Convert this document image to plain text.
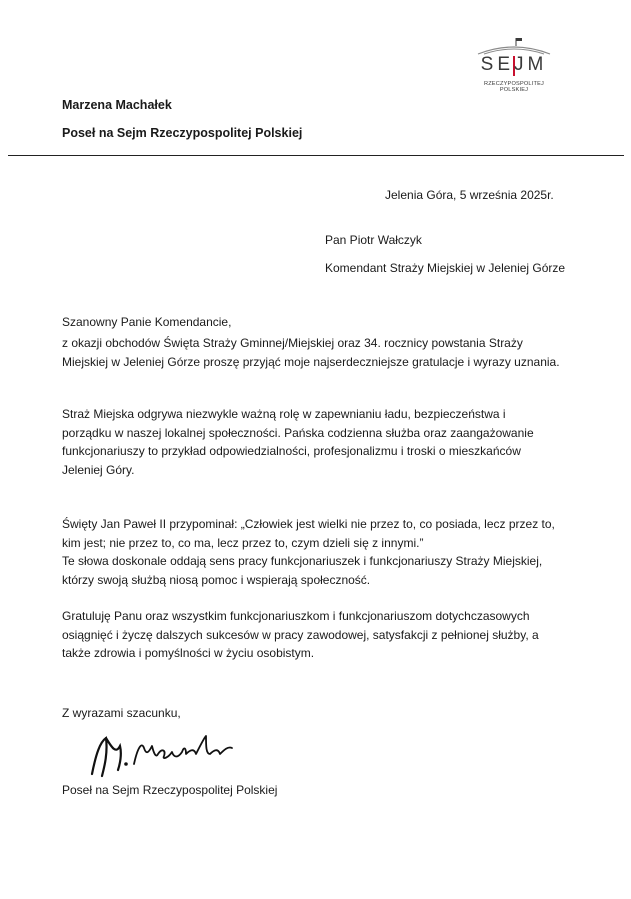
SEJM
RZECZYPOSPOLITEJ POLSKIEJ
Marzena Machałek
Poseł na Sejm Rzeczypospolitej Polskiej
Jelenia Góra, 5 września 2025r.
Pan Piotr Wałczyk
Komendant Straży Miejskiej w Jeleniej Górze

Szanowny Panie Komendancie,

z okazji obchodów Święta Straży Gminnej/Miejskiej oraz 34. rocznicy powstania Straży
Miejskiej w Jeleniej Górze proszę przyjąć moje najserdeczniejsze gratulacje i wyrazy uznania.

Straż Miejska odgrywa niezwykle ważną rolę w zapewnianiu ładu, bezpieczeństwa i
porządku w naszej lokalnej społeczności. Pańska codzienna służba oraz zaangażowanie
funkcjonariuszy to przykład odpowiedzialności, profesjonalizmu i troski o mieszkańców
Jeleniej Góry.

Święty Jan Paweł II przypominał: „Człowiek jest wielki nie przez to, co posiada, lecz przez to,
kim jest; nie przez to, co ma, lecz przez to, czym dzieli się z innymi.”
Te słowa doskonale oddają sens pracy funkcjonariuszek i funkcjonariuszy Straży Miejskiej,
którzy swoją służbą niosą pomoc i wspierają społeczność.

Gratuluję Panu oraz wszystkim funkcjonariuszkom i funkcjonariuszom dotychczasowych
osiągnięć i życzę dalszych sukcesów w pracy zawodowej, satysfakcji z pełnionej służby, a
także zdrowia i pomyślności w życiu osobistym.

Z wyrazami szacunku,

Poseł na Sejm Rzeczypospolitej Polskiej
